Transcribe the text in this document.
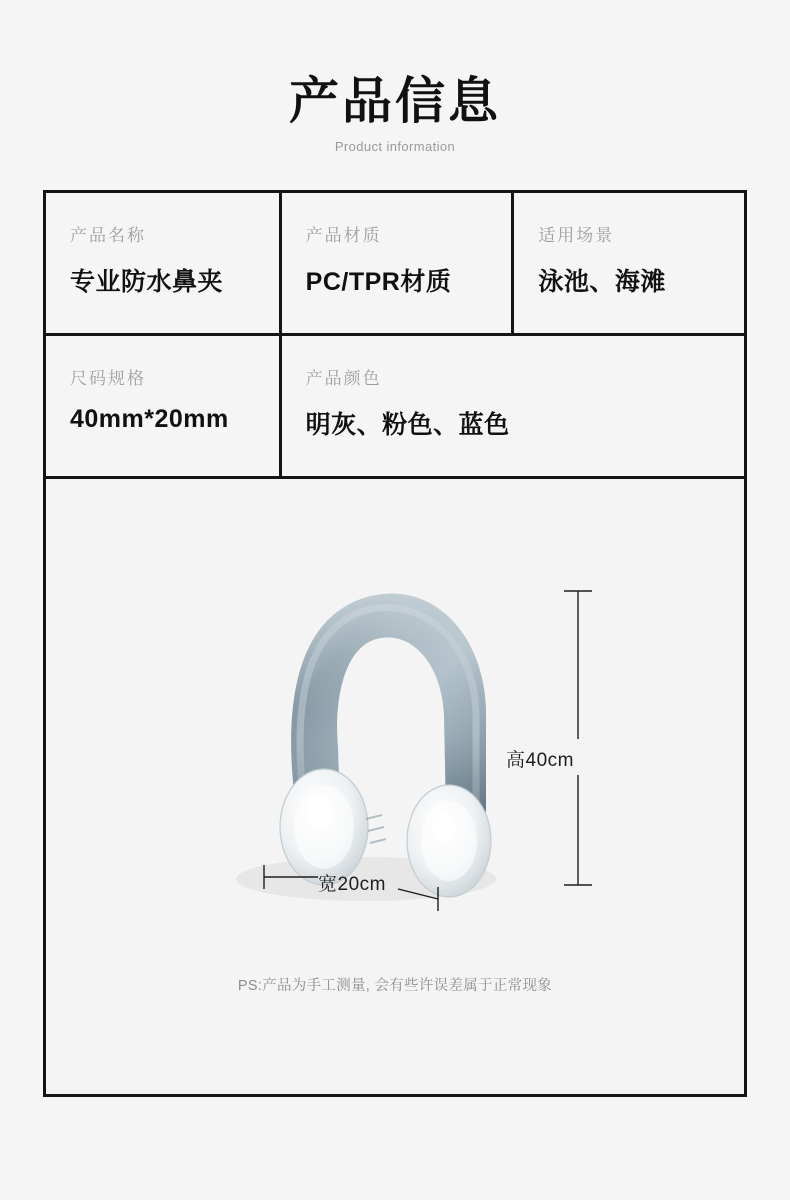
产品信息
Product information
产品名称
专业防水鼻夹
产品材质
PC/TPR材质
适用场景
泳池、海滩
尺码规格
40mm*20mm
产品颜色
明灰、粉色、蓝色
高40cm
宽20cm
PS:产品为手工测量, 会有些许误差属于正常现象
